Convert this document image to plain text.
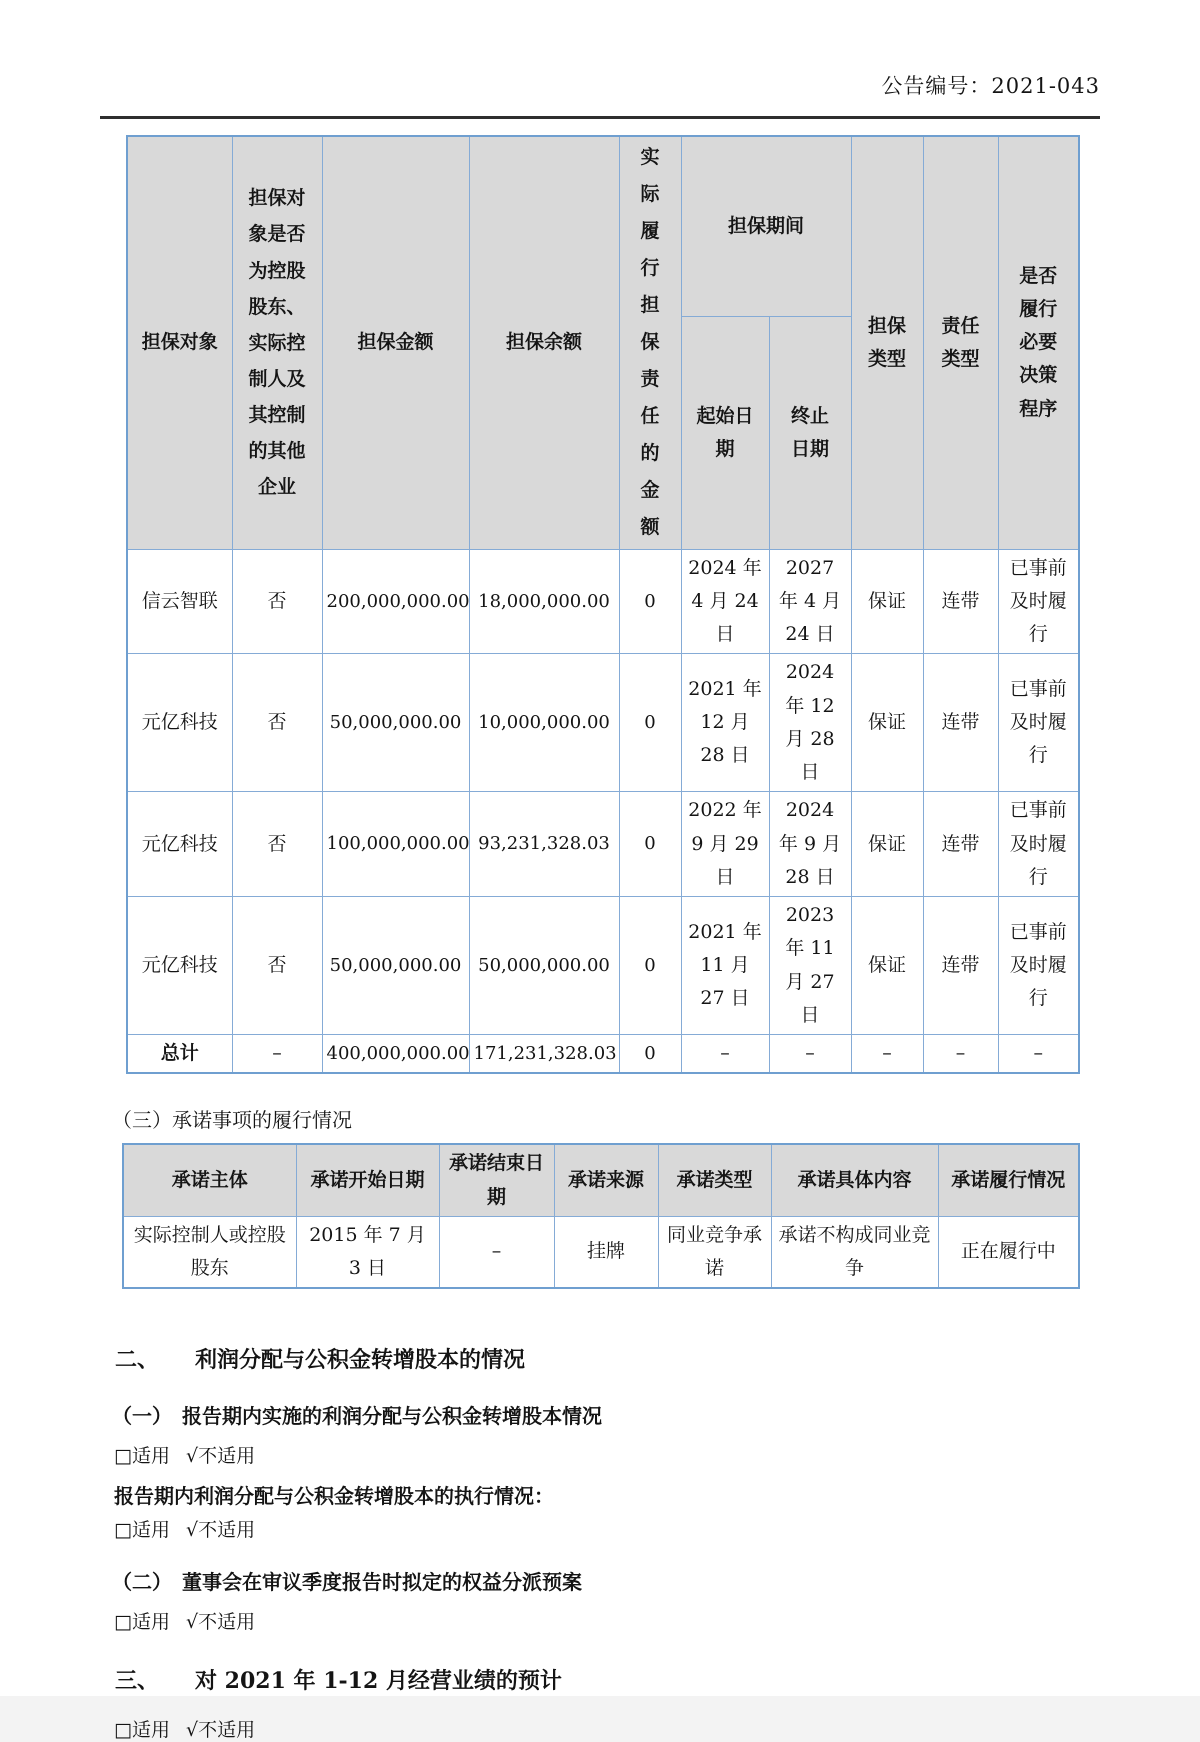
公告编号：2021-043
担保对象	担保对象是否为控股股东、实际控制人及其控制的其他企业	担保金额	担保余额	实际履行担保责任的金额	担保期间		担保类型	责任类型	是否履行必要决策程序

					起始日期	终止日期			

信云智联	否	200,000,000.00	18,000,000.00	0	2024 年 4 月 24 日	2027 年 4 月 24 日	保证	连带	已事前及时履行
元亿科技	否	50,000,000.00	10,000,000.00	0	2021 年 12 月 28 日	2024 年 12 月 28 日	保证	连带	已事前及时履行
元亿科技	否	100,000,000.00	93,231,328.03	0	2022 年 9 月 29 日	2024 年 9 月 28 日	保证	连带	已事前及时履行
元亿科技	否	50,000,000.00	50,000,000.00	0	2021 年 11 月 27 日	2023 年 11 月 27 日	保证	连带	已事前及时履行
总计	–	400,000,000.00	171,231,328.03	0	–	–	–	–	–
（三）承诺事项的履行情况
承诺主体	承诺开始日期	承诺结束日期	承诺来源	承诺类型	承诺具体内容	承诺履行情况
实际控制人或控股股东	2015 年 7 月 3 日	–	挂牌	同业竞争承诺	承诺不构成同业竞争	正在履行中
二、 利润分配与公积金转增股本的情况
（一） 报告期内实施的利润分配与公积金转增股本情况
□适用 √不适用
报告期内利润分配与公积金转增股本的执行情况：
□适用 √不适用
（二） 董事会在审议季度报告时拟定的权益分派预案
□适用 √不适用
三、 对 2021 年 1-12 月经营业绩的预计
□适用 √不适用
